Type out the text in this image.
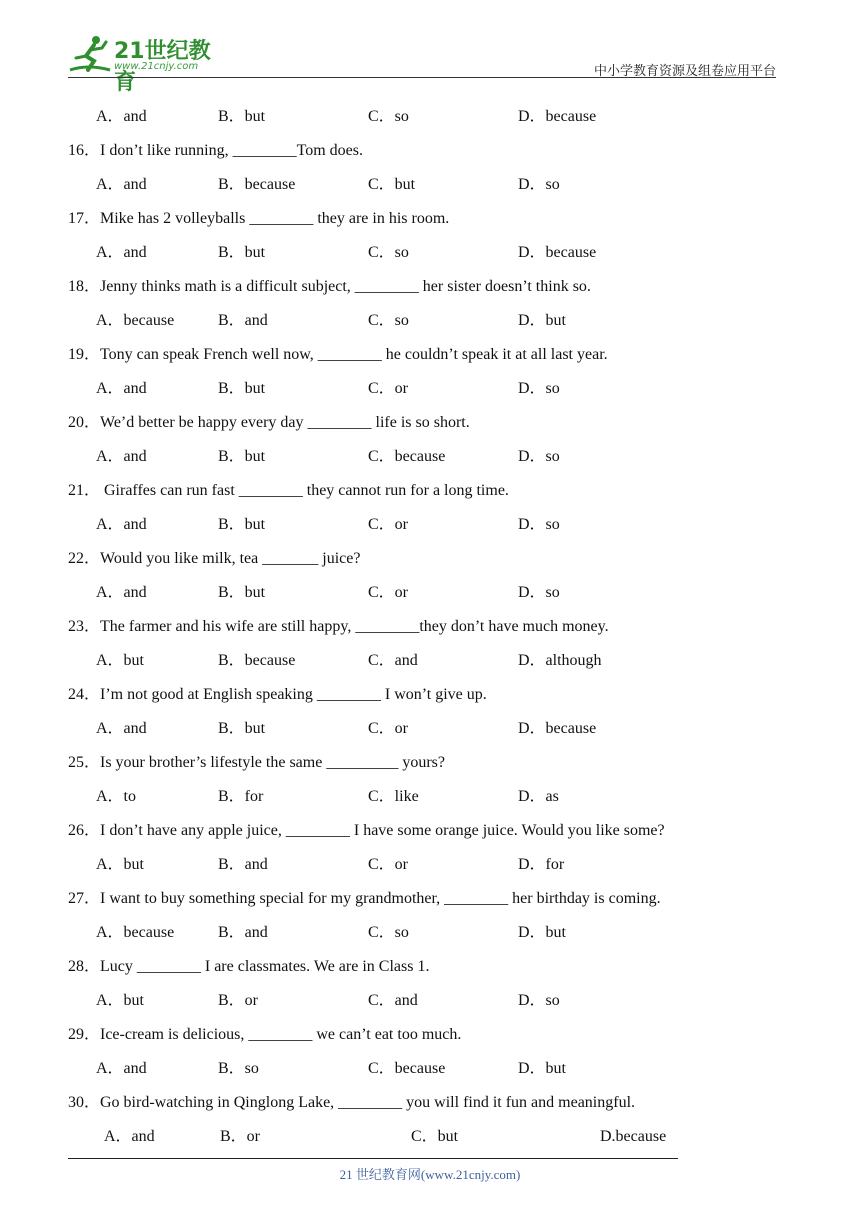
21世纪教育
www.21cnjy.com	中小学教育资源及组卷应用平台
A．and	B．but	C．so	D．because
16．I don’t like running, ________Tom does.
A．and	B．because	C．but	D．so
17．Mike has 2 volleyballs ________ they are in his room.
A．and	B．but	C．so	D．because
18．Jenny thinks math is a difficult subject, ________ her sister doesn’t think so.
A．because	B．and	C．so	D．but
19．Tony can speak French well now, ________ he couldn’t speak it at all last year.
A．and	B．but	C．or	D．so
20．We’d better be happy every day ________ life is so short.
A．and	B．but	C．because	D．so
21． Giraffes can run fast ________ they cannot run for a long time.
A．and	B．but	C．or	D．so
22．Would you like milk, tea _______ juice?
A．and	B．but	C．or	D．so
23．The farmer and his wife are still happy, ________they don’t have much money.
A．but	B．because	C．and	D．although
24．I’m not good at English speaking ________ I won’t give up.
A．and	B．but	C．or	D．because
25．Is your brother’s lifestyle the same _________ yours?
A．to	B．for	C．like	D．as
26．I don’t have any apple juice, ________ I have some orange juice. Would you like some?
A．but	B．and	C．or	D．for
27．I want to buy something special for my grandmother, ________ her birthday is coming.
A．because	B．and	C．so	D．but
28．Lucy ________ I are classmates. We are in Class 1.
A．but	B．or	C．and	D．so
29．Ice-cream is delicious, ________ we can’t eat too much.
A．and	B．so	C．because	D．but
30．Go bird-watching in Qinglong Lake, ________ you will find it fun and meaningful.
A．and	B．or	C．but	D.because
21 世纪教育网(www.21cnjy.com)
